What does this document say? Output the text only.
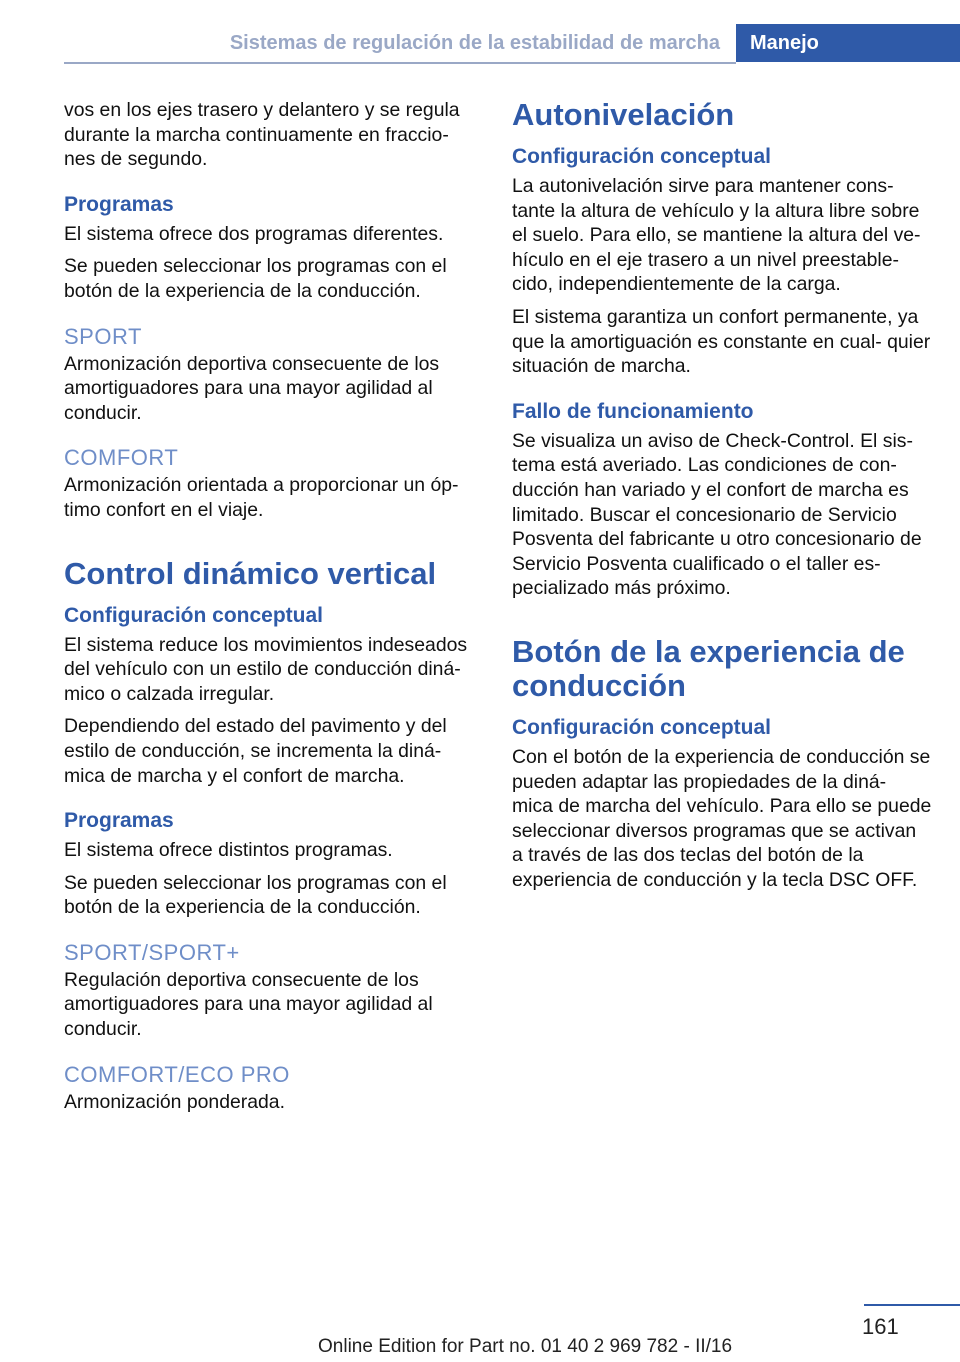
Sistemas de regulación de la estabilidad de marcha	Manejo

vos en los ejes trasero y delantero y se regula durante la marcha continuamente en fraccio‐ nes de segundo.

Programas

El sistema ofrece dos programas diferentes.

Se pueden seleccionar los programas con el botón de la experiencia de la conducción.

SPORT

Armonización deportiva consecuente de los amortiguadores para una mayor agilidad al conducir.

COMFORT

Armonización orientada a proporcionar un óp‐ timo confort en el viaje.

Control dinámico vertical
Configuración conceptual

El sistema reduce los movimientos indeseados del vehículo con un estilo de conducción diná‐ mico o calzada irregular.

Dependiendo del estado del pavimento y del estilo de conducción, se incrementa la diná‐ mica de marcha y el confort de marcha.

Programas

El sistema ofrece distintos programas.

Se pueden seleccionar los programas con el botón de la experiencia de la conducción.

SPORT/SPORT+

Regulación deportiva consecuente de los amortiguadores para una mayor agilidad al conducir.

COMFORT/ECO PRO

Armonización ponderada.

Autonivelación
Configuración conceptual

La autonivelación sirve para mantener cons‐ tante la altura de vehículo y la altura libre sobre el suelo. Para ello, se mantiene la altura del ve‐ hículo en el eje trasero a un nivel preestable‐ cido, independientemente de la carga.

El sistema garantiza un confort permanente, ya que la amortiguación es constante en cual‐ quier situación de marcha.

Fallo de funcionamiento

Se visualiza un aviso de Check-Control. El sis‐ tema está averiado. Las condiciones de con‐ ducción han variado y el confort de marcha es limitado. Buscar el concesionario de Servicio Posventa del fabricante u otro concesionario de Servicio Posventa cualificado o el taller es‐ pecializado más próximo.

Botón de la experiencia de conducción
Configuración conceptual

Con el botón de la experiencia de conducción se pueden adaptar las propiedades de la diná‐ mica de marcha del vehículo. Para ello se puede seleccionar diversos programas que se activan a través de las dos teclas del botón de la experiencia de conducción y la tecla DSC OFF.

161
Online Edition for Part no. 01 40 2 969 782 - II/16
